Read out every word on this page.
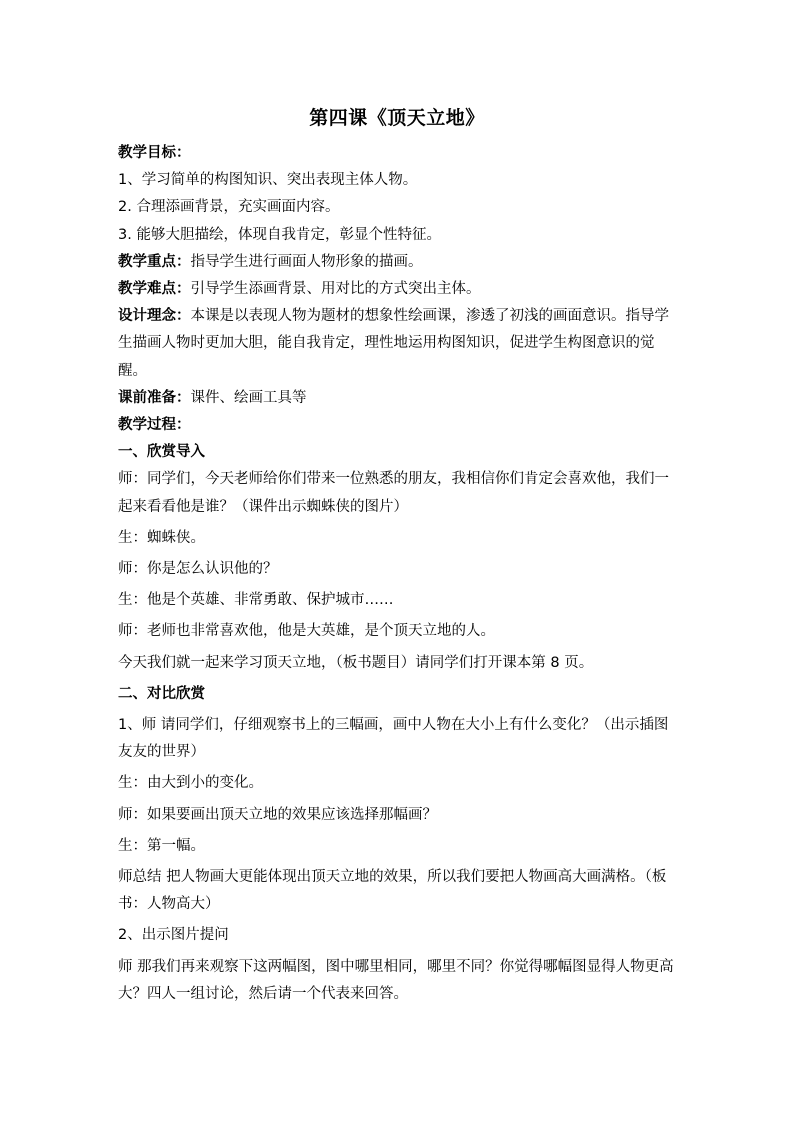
第四课《顶天立地》

教学目标：

1、学习简单的构图知识、突出表现主体人物。

2. 合理添画背景，充实画面内容。

3. 能够大胆描绘，体现自我肯定，彰显个性特征。

教学重点：指导学生进行画面人物形象的描画。

教学难点：引导学生添画背景、用对比的方式突出主体。

设计理念：本课是以表现人物为题材的想象性绘画课，渗透了初浅的画面意识。指导学生描画人物时更加大胆，能自我肯定，理性地运用构图知识，促进学生构图意识的觉醒。

课前准备：课件、绘画工具等

教学过程：

一、欣赏导入

师：同学们，今天老师给你们带来一位熟悉的朋友，我相信你们肯定会喜欢他，我们一起来看看他是谁？（课件出示蜘蛛侠的图片）

生：蜘蛛侠。

师：你是怎么认识他的？

生：他是个英雄、非常勇敢、保护城市……

师：老师也非常喜欢他，他是大英雄，是个顶天立地的人。

今天我们就一起来学习顶天立地，（板书题目）请同学们打开课本第 8 页。

二、对比欣赏

1、师 请同学们，仔细观察书上的三幅画，画中人物在大小上有什么变化？（出示插图友友的世界）

生：由大到小的变化。

师：如果要画出顶天立地的效果应该选择那幅画？

生：第一幅。

师总结 把人物画大更能体现出顶天立地的效果，所以我们要把人物画高大画满格。（板书：人物高大）

2、出示图片提问

师 那我们再来观察下这两幅图，图中哪里相同，哪里不同？你觉得哪幅图显得人物更高大？四人一组讨论，然后请一个代表来回答。
